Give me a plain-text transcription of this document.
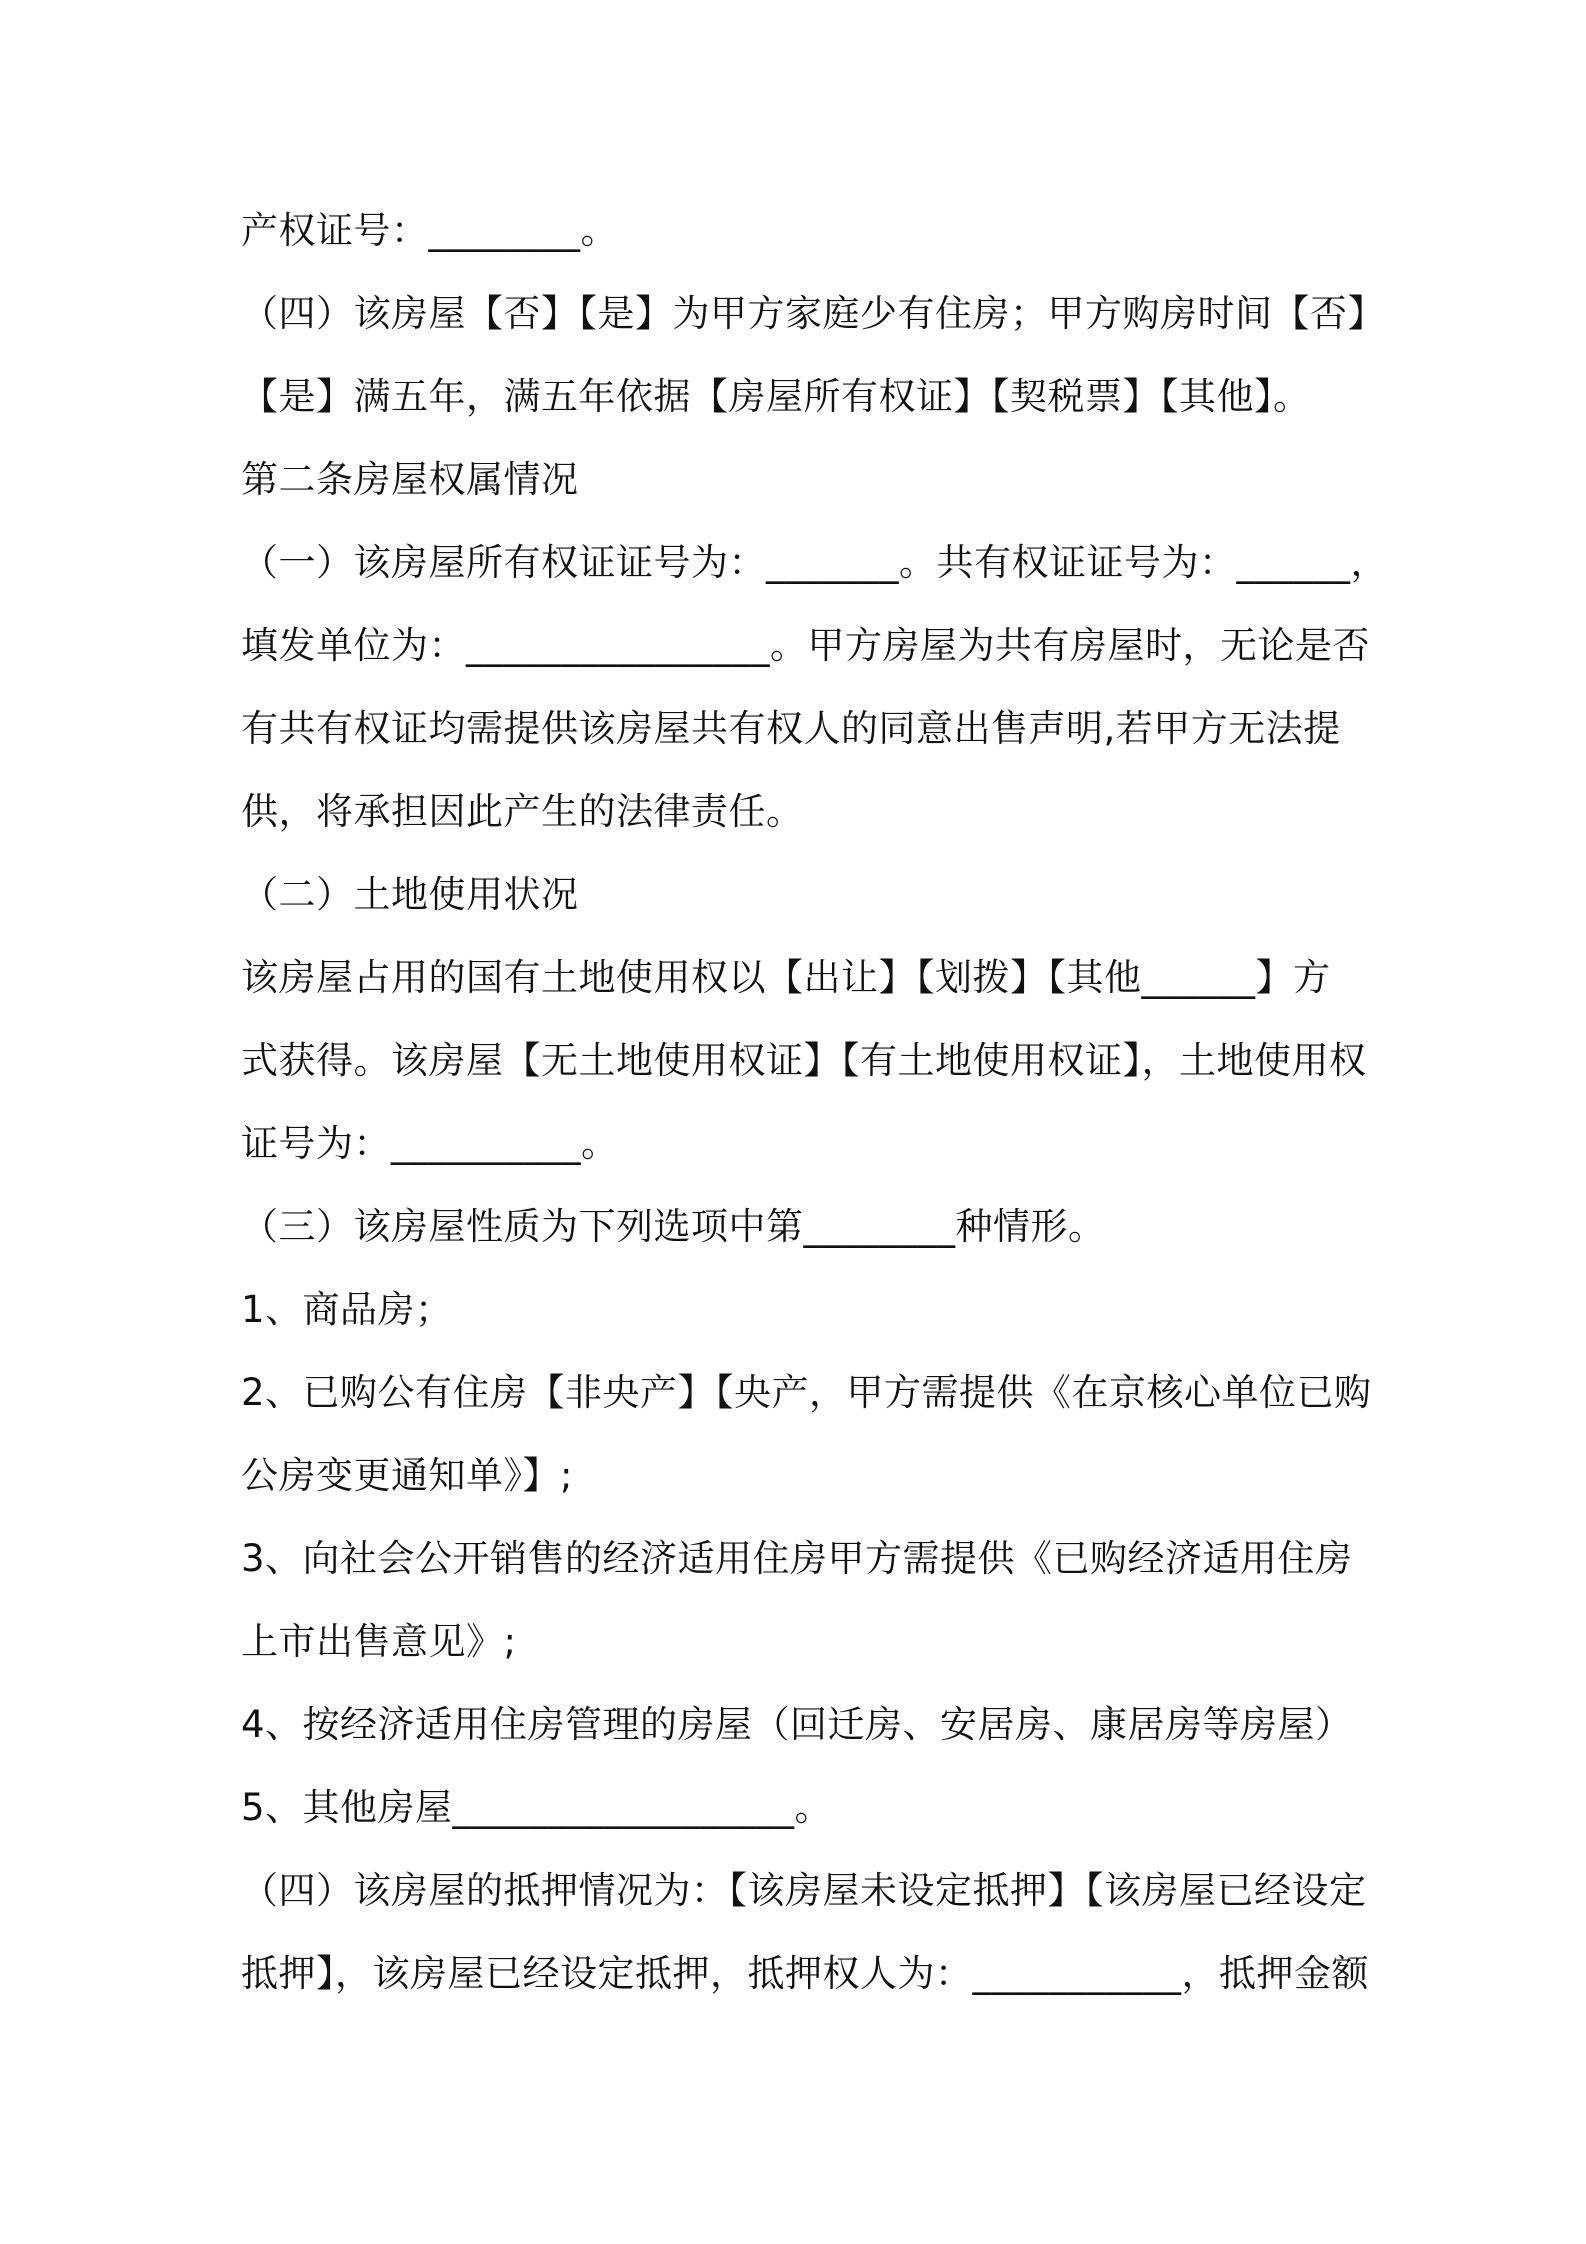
产权证号：________。
（四）该房屋【否】【是】为甲方家庭少有住房；甲方购房时间【否】
【是】满五年，满五年依据【房屋所有权证】【契税票】【其他】。
第二条房屋权属情况
（一）该房屋所有权证证号为：_______。共有权证证号为：______，
填发单位为：________________。甲方房屋为共有房屋时，无论是否
有共有权证均需提供该房屋共有权人的同意出售声明,若甲方无法提
供，将承担因此产生的法律责任。
（二）土地使用状况
该房屋占用的国有土地使用权以【出让】【划拨】【其他______】方
式获得。该房屋【无土地使用权证】【有土地使用权证】，土地使用权
证号为：__________。
（三）该房屋性质为下列选项中第________种情形。
1、商品房；
2、已购公有住房【非央产】【央产，甲方需提供《在京核心单位已购
公房变更通知单》】;
3、向社会公开销售的经济适用住房甲方需提供《已购经济适用住房
上市出售意见》;
4、按经济适用住房管理的房屋（回迁房、安居房、康居房等房屋）
5、其他房屋__________________。
（四）该房屋的抵押情况为：【该房屋未设定抵押】【该房屋已经设定
抵押】，该房屋已经设定抵押，抵押权人为：___________，抵押金额
